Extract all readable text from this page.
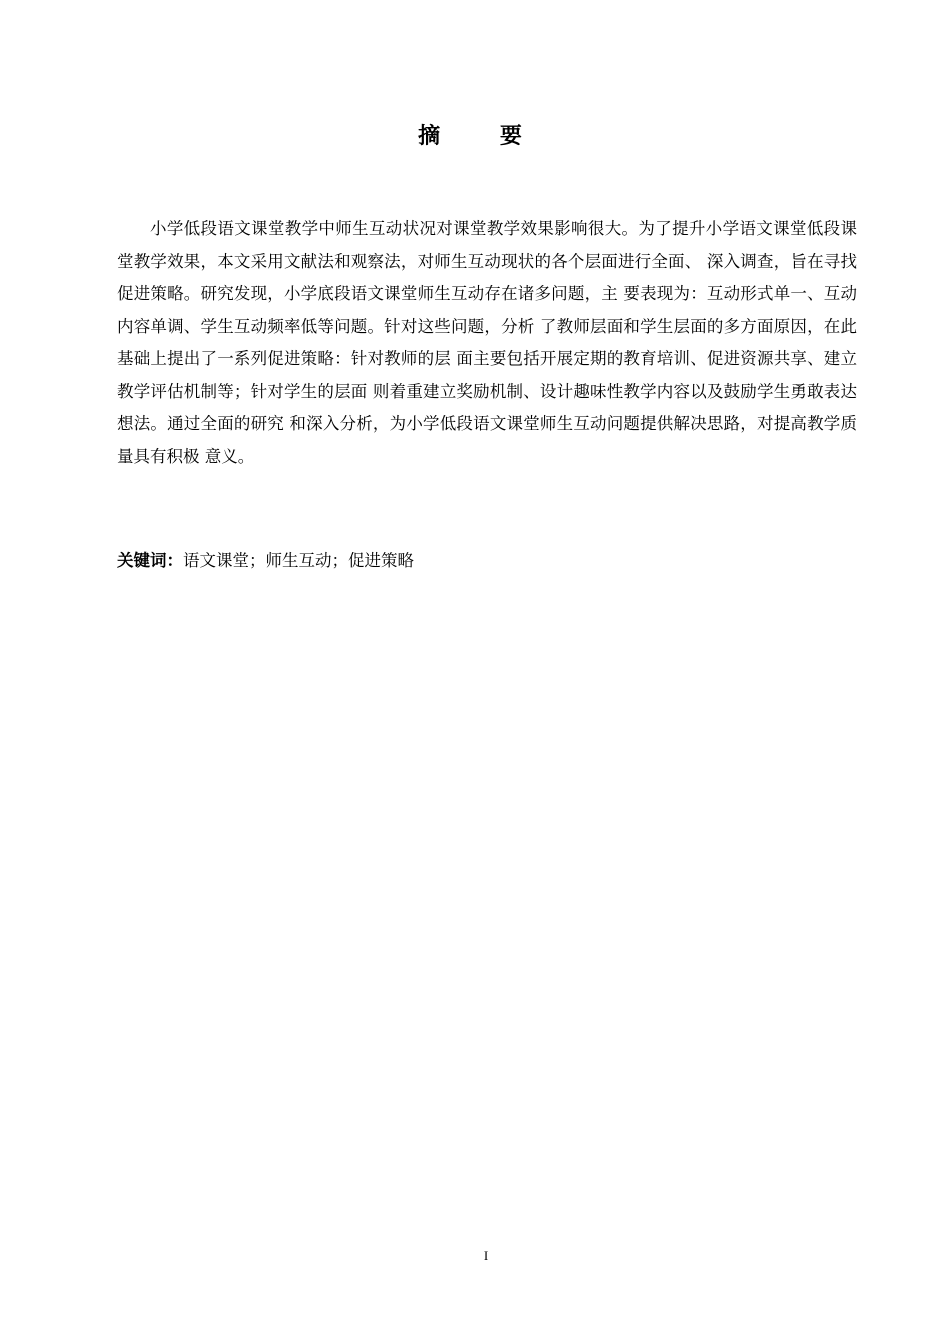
摘 要

小学低段语文课堂教学中师生互动状况对课堂教学效果影响很大。为了提升小学语文课堂低段课堂教学效果，本文采用文献法和观察法，对师生互动现状的各个层面进行全面、 深入调查，旨在寻找促进策略。研究发现，小学底段语文课堂师生互动存在诸多问题，主 要表现为：互动形式单一、互动内容单调、学生互动频率低等问题。针对这些问题，分析 了教师层面和学生层面的多方面原因，在此基础上提出了一系列促进策略：针对教师的层 面主要包括开展定期的教育培训、促进资源共享、建立教学评估机制等；针对学生的层面 则着重建立奖励机制、设计趣味性教学内容以及鼓励学生勇敢表达想法。通过全面的研究 和深入分析，为小学低段语文课堂师生互动问题提供解决思路，对提高教学质量具有积极 意义。

关键词：语文课堂；师生互动；促进策略

I
